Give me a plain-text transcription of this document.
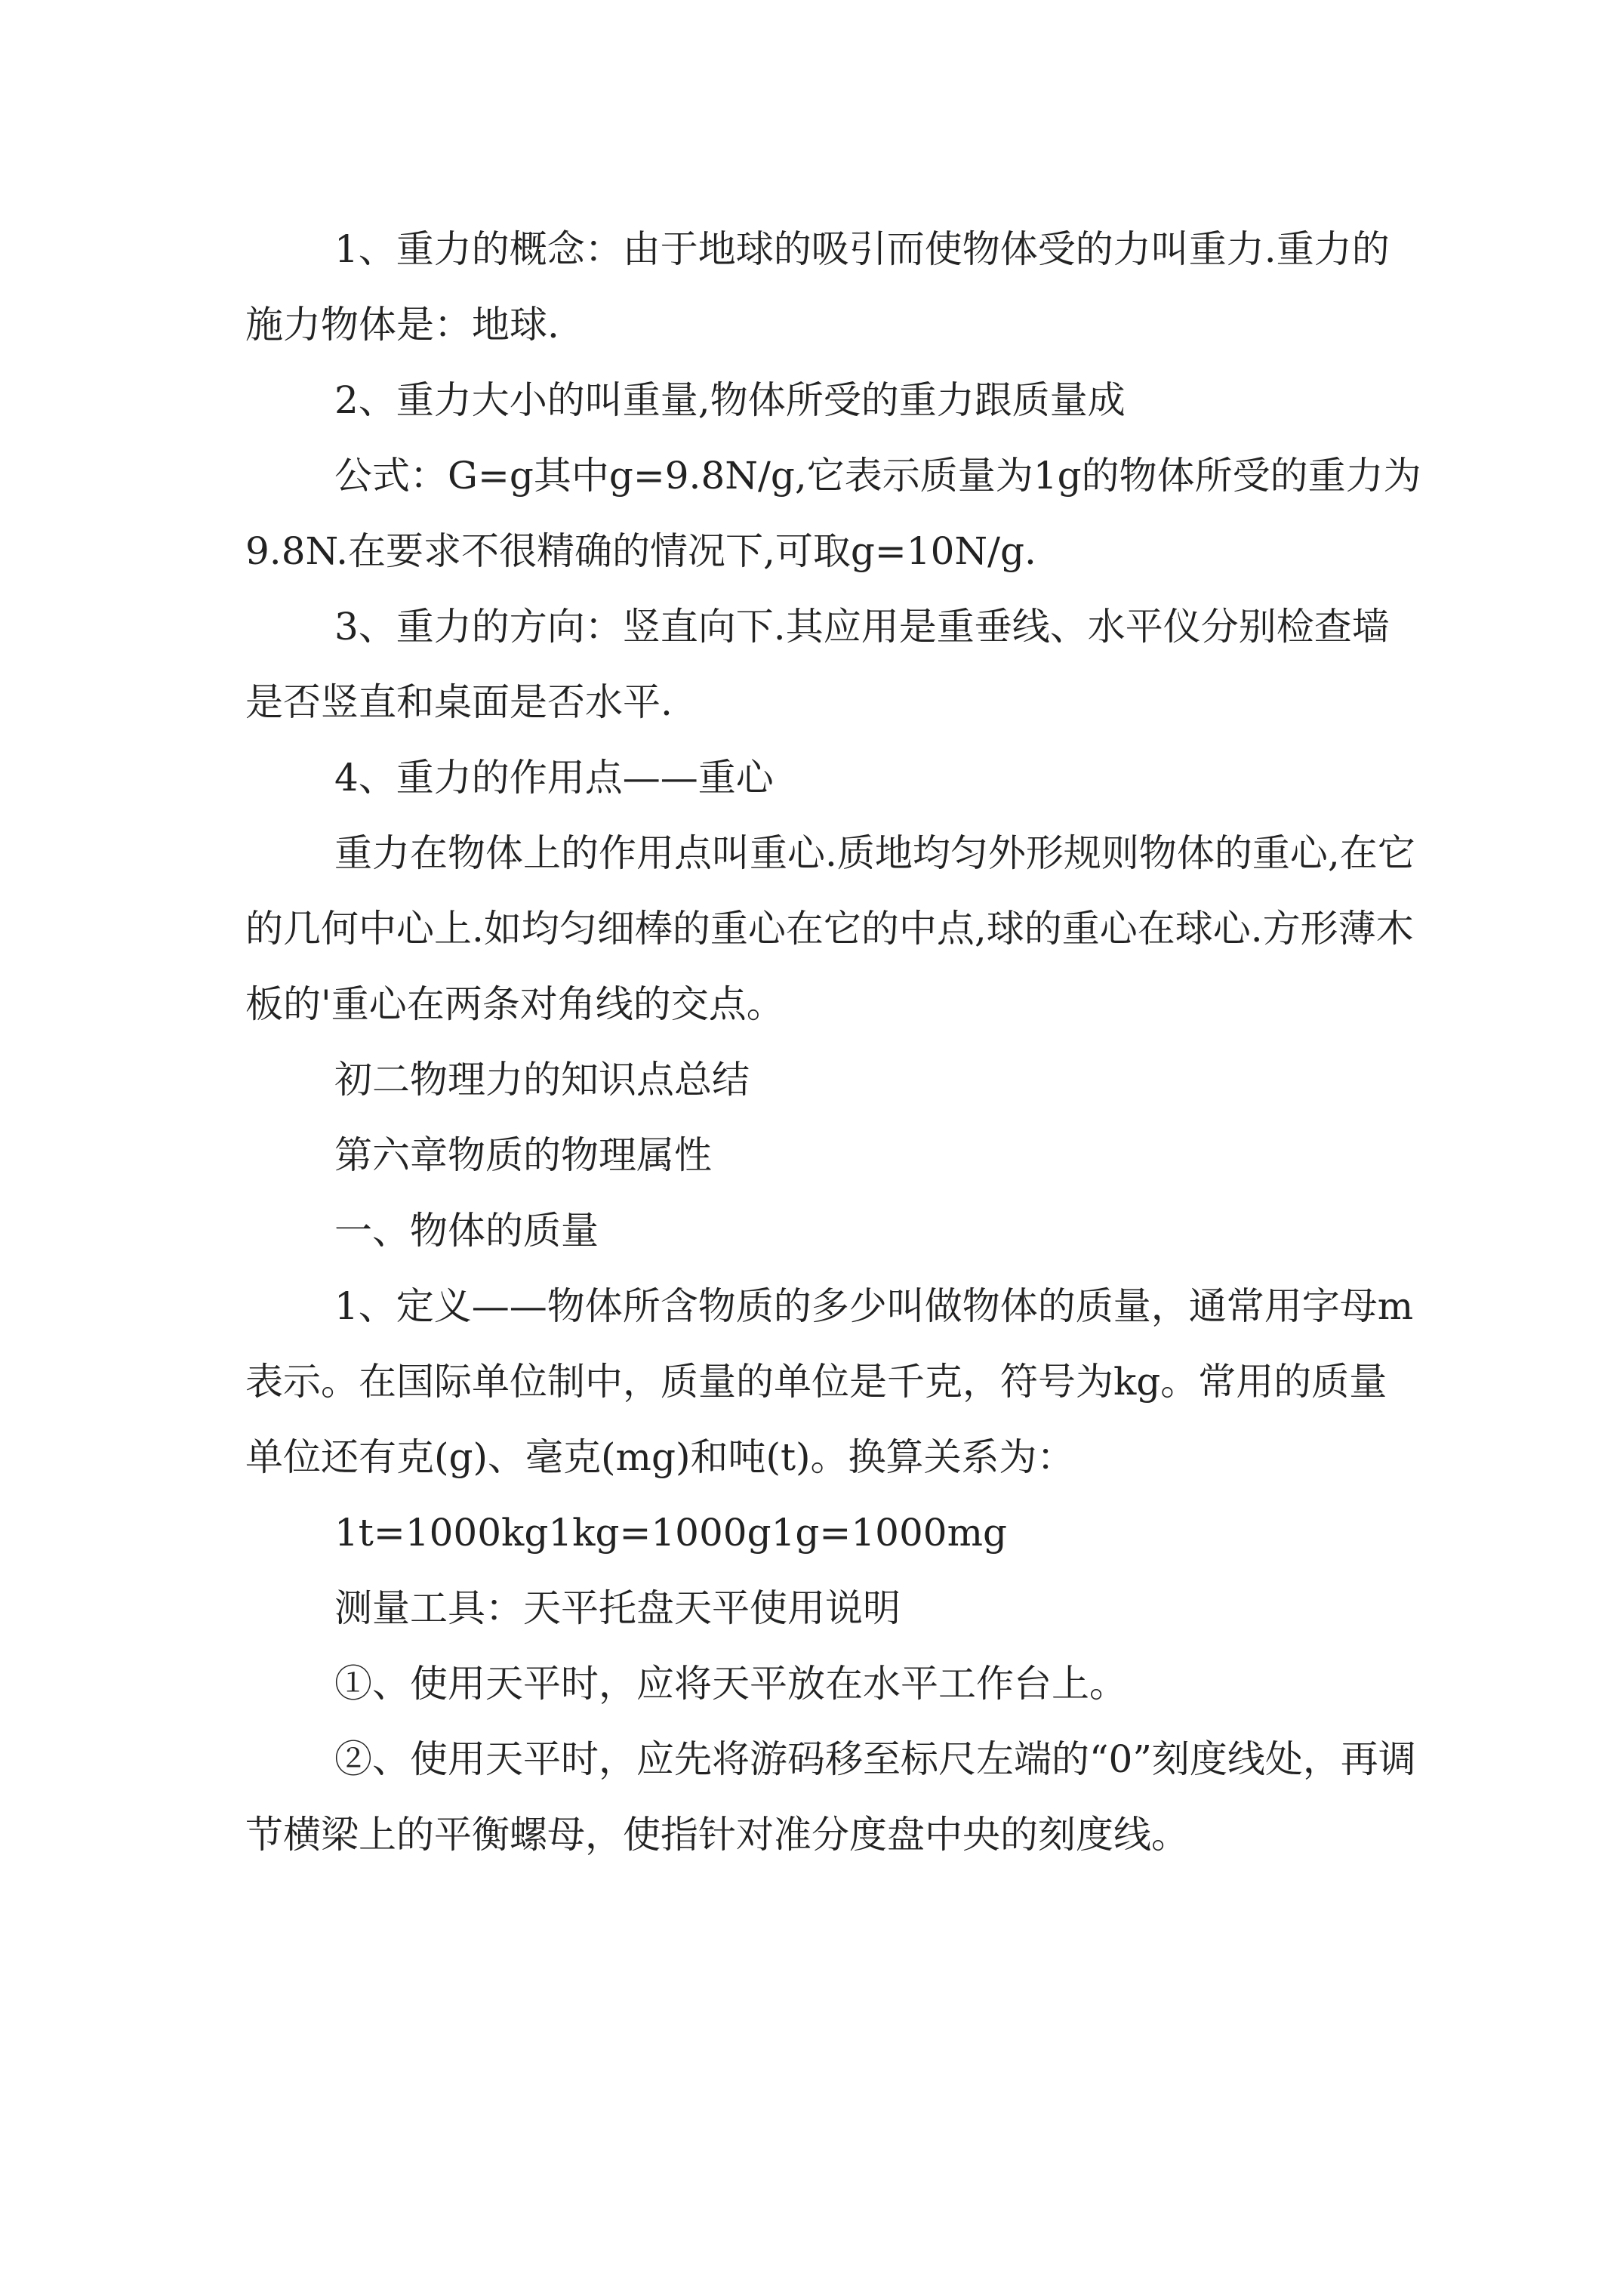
1、重力的概念：由于地球的吸引而使物体受的力叫重力.重力的施力物体是：地球.

2、重力大小的叫重量,物体所受的重力跟质量成

公式：G=g其中g=9.8N/g,它表示质量为1g的物体所受的重力为9.8N.在要求不很精确的情况下,可取g=10N/g.

3、重力的方向：竖直向下.其应用是重垂线、水平仪分别检查墙是否竖直和桌面是否水平.

4、重力的作用点——重心

重力在物体上的作用点叫重心.质地均匀外形规则物体的重心,在它的几何中心上.如均匀细棒的重心在它的中点,球的重心在球心.方形薄木板的'重心在两条对角线的交点。

初二物理力的知识点总结

第六章物质的物理属性

一、物体的质量

1、定义——物体所含物质的多少叫做物体的质量，通常用字母m表示。在国际单位制中，质量的单位是千克，符号为kg。常用的质量单位还有克(g)、毫克(mg)和吨(t)。换算关系为：

1t=1000kg1kg=1000g1g=1000mg

测量工具：天平托盘天平使用说明

①、使用天平时，应将天平放在水平工作台上。

②、使用天平时，应先将游码移至标尺左端的“0”刻度线处，再调节横梁上的平衡螺母，使指针对准分度盘中央的刻度线。
